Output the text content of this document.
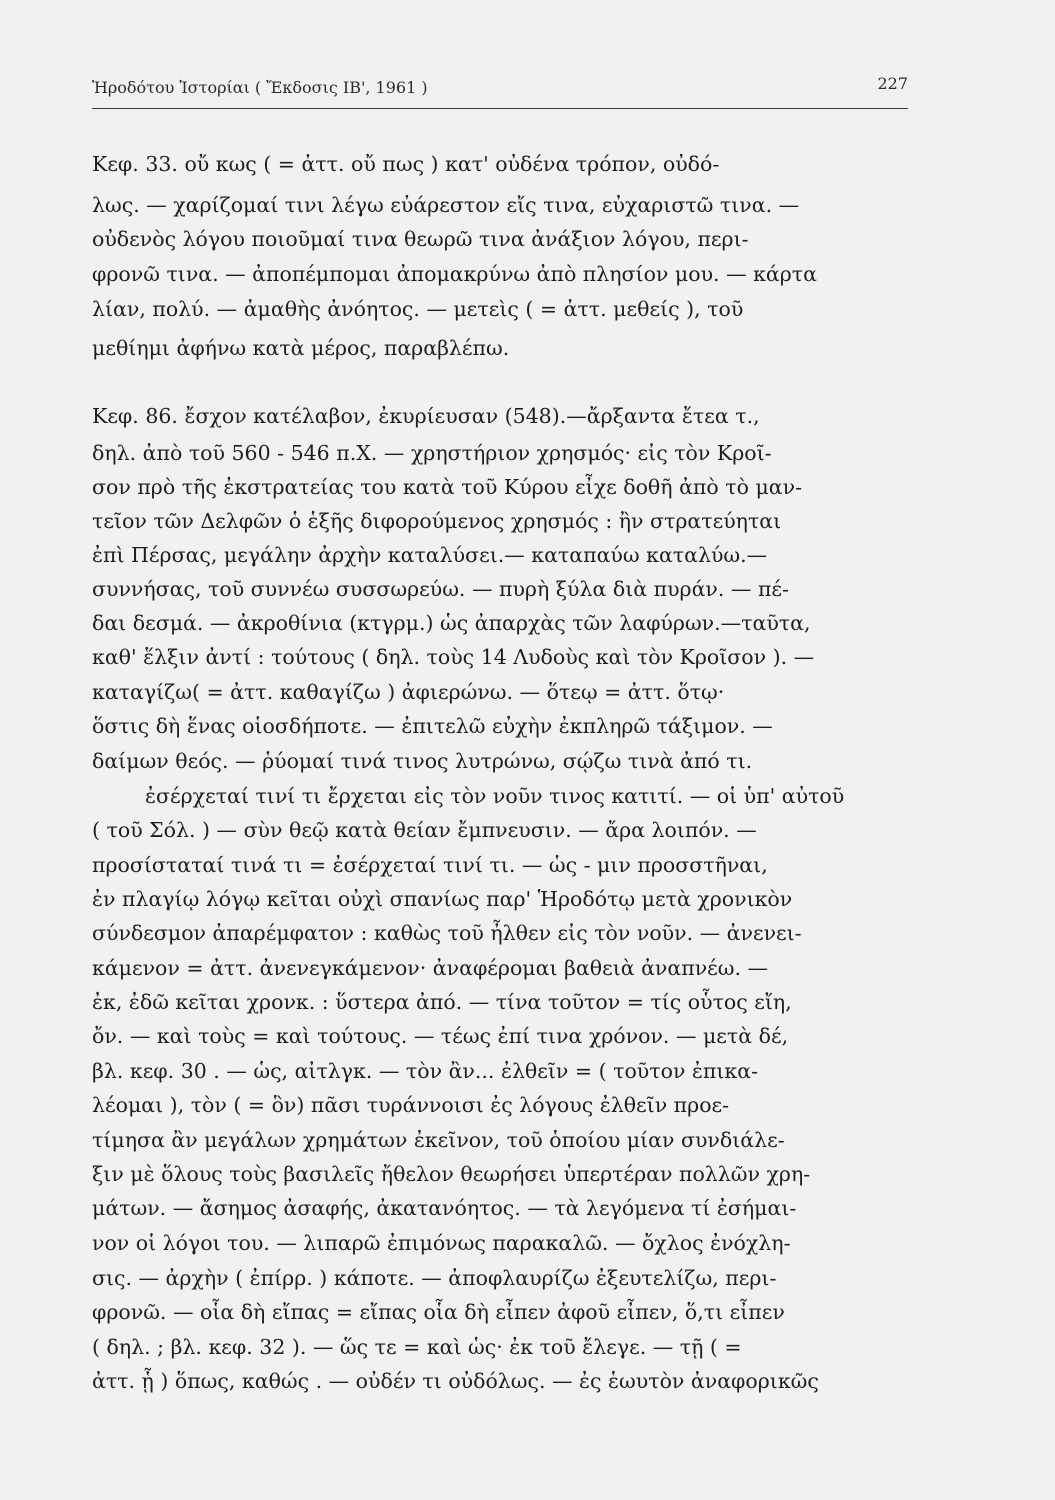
Ἡροδότου Ἱστορίαι ( Ἔκδοσις ΙΒ', 1961 )	227
Κεφ. 33. οὔ κως ( = ἀττ. οὔ πως ) κατ' οὐδένα τρόπον, οὐδό-
λως. — χαρίζομαί τινι λέγω εὐάρεστον εἴς τινα, εὐχαριστῶ τινα. —
οὐδενὸς λόγου ποιοῦμαί τινα θεωρῶ τινα ἀνάξιον λόγου, περι-
φρονῶ τινα. — ἀποπέμπομαι ἀπομακρύνω ἀπὸ πλησίον μου. — κάρτα
λίαν, πολύ. — ἀμαθὴς ἀνόητος. — μετεὶς ( = ἀττ. μεθείς ), τοῦ
μεθίημι ἀφήνω κατὰ μέρος, παραβλέπω.
Κεφ. 86. ἔσχον κατέλαβον, ἐκυρίευσαν (548).—ἄρξαντα ἔτεα τ.,
δηλ. ἀπὸ τοῦ 560 - 546 π.Χ. — χρηστήριον χρησμός· εἰς τὸν Κροῖ-
σον πρὸ τῆς ἐκστρατείας του κατὰ τοῦ Κύρου εἶχε δοθῆ ἀπὸ τὸ μαν-
τεῖον τῶν Δελφῶν ὁ ἑξῆς διφορούμενος χρησμός : ἢν στρατεύηται
ἐπὶ Πέρσας, μεγάλην ἀρχὴν καταλύσει.— καταπαύω καταλύω.—
συννήσας, τοῦ συννέω συσσωρεύω. — πυρὴ ξύλα διὰ πυράν. — πέ-
δαι δεσμά. — ἀκροθίνια (κτγρμ.) ὡς ἀπαρχὰς τῶν λαφύρων.—ταῦτα,
καθ' ἕλξιν ἀντί : τούτους ( δηλ. τοὺς 14 Λυδοὺς καὶ τὸν Κροῖσον ). —
καταγίζω( = ἀττ. καθαγίζω ) ἀφιερώνω. — ὅτεῳ = ἀττ. ὅτῳ·
ὅστις δὴ ἕνας οἱοσδήποτε. — ἐπιτελῶ εὐχὴν ἐκπληρῶ τάξιμον. —
δαίμων θεός. — ῥύομαί τινά τινος λυτρώνω, σῴζω τινὰ ἀπό τι.
ἐσέρχεταί τινί τι ἔρχεται εἰς τὸν νοῦν τινος κατιτί. — οἱ ὑπ' αὐτοῦ
( τοῦ Σόλ. ) — σὺν θεῷ κατὰ θείαν ἔμπνευσιν. — ἄρα λοιπόν. —
προσίσταταί τινά τι = ἐσέρχεταί τινί τι. — ὡς - μιν προσστῆναι,
ἐν πλαγίῳ λόγῳ κεῖται οὐχὶ σπανίως παρ' Ἡροδότῳ μετὰ χρονικὸν
σύνδεσμον ἀπαρέμφατον : καθὼς τοῦ ἦλθεν εἰς τὸν νοῦν. — ἀνενει-
κάμενον = ἀττ. ἀνενεγκάμενον· ἀναφέρομαι βαθειὰ ἀναπνέω. —
ἐκ, ἐδῶ κεῖται χρονκ. : ὕστερα ἀπό. — τίνα τοῦτον = τίς οὗτος εἴη,
ὄν. — καὶ τοὺς = καὶ τούτους. — τέως ἐπί τινα χρόνον. — μετὰ δέ,
βλ. κεφ. 30 . — ὡς, αἰτλγκ. — τὸν ἂν... ἐλθεῖν = ( τοῦτον ἐπικα-
λέομαι ), τὸν ( = ὃν) πᾶσι τυράννοισι ἐς λόγους ἐλθεῖν προε-
τίμησα ἂν μεγάλων χρημάτων ἐκεῖνον, τοῦ ὁποίου μίαν συνδιάλε-
ξιν μὲ ὅλους τοὺς βασιλεῖς ἤθελον θεωρήσει ὑπερτέραν πολλῶν χρη-
μάτων. — ἄσημος ἀσαφής, ἀκατανόητος. — τὰ λεγόμενα τί ἐσήμαι-
νον οἱ λόγοι του. — λιπαρῶ ἐπιμόνως παρακαλῶ. — ὄχλος ἐνόχλη-
σις. — ἀρχὴν ( ἐπίρρ. ) κάποτε. — ἀποφλαυρίζω ἐξευτελίζω, περι-
φρονῶ. — οἷα δὴ εἴπας = εἴπας οἷα δὴ εἶπεν ἀφοῦ εἶπεν, ὅ,τι εἶπεν
( δηλ. ; βλ. κεφ. 32 ). — ὥς τε = καὶ ὡς· ἐκ τοῦ ἔλεγε. — τῇ ( =
ἀττ. ᾗ ) ὅπως, καθώς . — οὐδέν τι οὐδόλως. — ἐς ἑωυτὸν ἀναφορικῶς
